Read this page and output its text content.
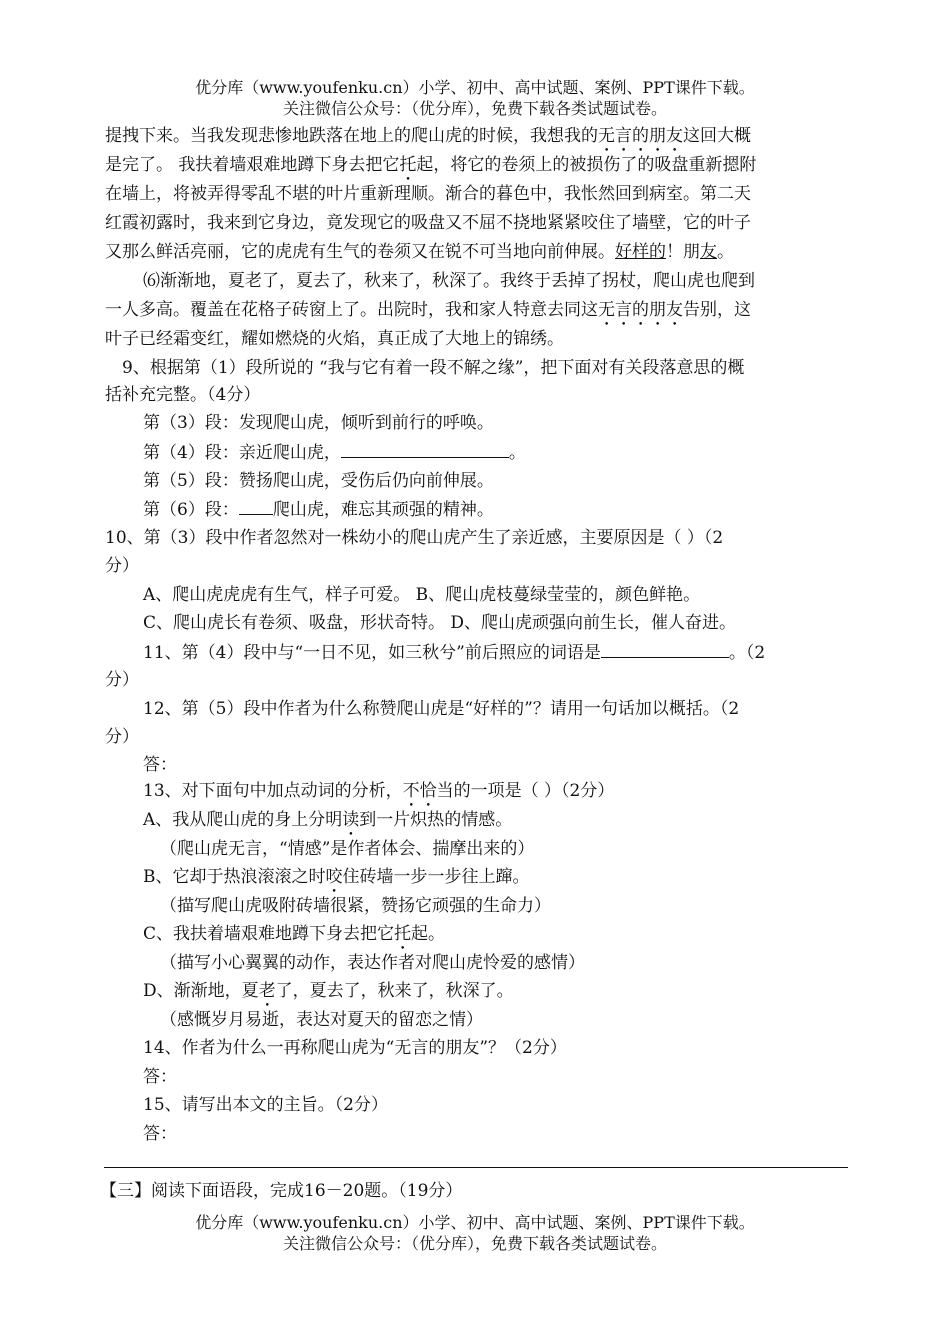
优分库（www.youfenku.cn）小学、初中、高中试题、案例、PPT课件下载。
关注微信公众号：（优分库），免费下载各类试题试卷。
提拽下来。当我发现悲惨地跌落在地上的爬山虎的时候，我想我的无言的朋友这回大概
是完了。 我扶着墙艰难地蹲下身去把它托起，将它的卷须上的被损伤了的吸盘重新摁附
在墙上，将被弄得零乱不堪的叶片重新理顺。渐合的暮色中，我怅然回到病室。第二天
红霞初露时，我来到它身边，竟发现它的吸盘又不屈不挠地紧紧咬住了墙壁，它的叶子
又那么鲜活亮丽，它的虎虎有生气的卷须又在锐不可当地向前伸展。好样的！朋友。
⑹渐渐地，夏老了，夏去了，秋来了，秋深了。我终于丢掉了拐杖，爬山虎也爬到
一人多高。覆盖在花格子砖窗上了。出院时，我和家人特意去同这无言的朋友告别，这
叶子已经霜变红，耀如燃烧的火焰，真正成了大地上的锦绣。
9、根据第（1）段所说的 “我与它有着一段不解之缘”，把下面对有关段落意思的概
括补充完整。（4分）
第（3）段：发现爬山虎，倾听到前行的呼唤。
第（4）段：亲近爬山虎，	。
第（5）段：赞扬爬山虎，受伤后仍向前伸展。
第（6）段： 爬山虎，难忘其顽强的精神。
10、第（3）段中作者忽然对一株幼小的爬山虎产生了亲近感，主要原因是（ ）（2
分）
A、爬山虎虎虎有生气，样子可爱。 B、爬山虎枝蔓绿莹莹的，颜色鲜艳。
C、爬山虎长有卷须、吸盘，形状奇特。 D、爬山虎顽强向前生长，催人奋进。
11、第（4）段中与“一日不见，如三秋兮”前后照应的词语是	。（2
分）
12、第（5）段中作者为什么称赞爬山虎是“好样的”？请用一句话加以概括。（2
分）
答：
13、对下面句中加点动词的分析，不恰当的一项是（ ）（2分）
A、我从爬山虎的身上分明读到一片炽热的情感。
（爬山虎无言，“情感”是作者体会、揣摩出来的）
B、它却于热浪滚滚之时咬住砖墙一步一步往上蹿。
（描写爬山虎吸附砖墙很紧，赞扬它顽强的生命力）
C、我扶着墙艰难地蹲下身去把它托起。
（描写小心翼翼的动作，表达作者对爬山虎怜爱的感情）
D、渐渐地，夏老了，夏去了，秋来了，秋深了。
（感慨岁月易逝，表达对夏天的留恋之情）
14、作者为什么一再称爬山虎为“无言的朋友”？（2分）
答：
15、请写出本文的主旨。（2分）
答：
【三】阅读下面语段，完成16－20题。（19分）
优分库（www.youfenku.cn）小学、初中、高中试题、案例、PPT课件下载。
关注微信公众号：（优分库），免费下载各类试题试卷。
